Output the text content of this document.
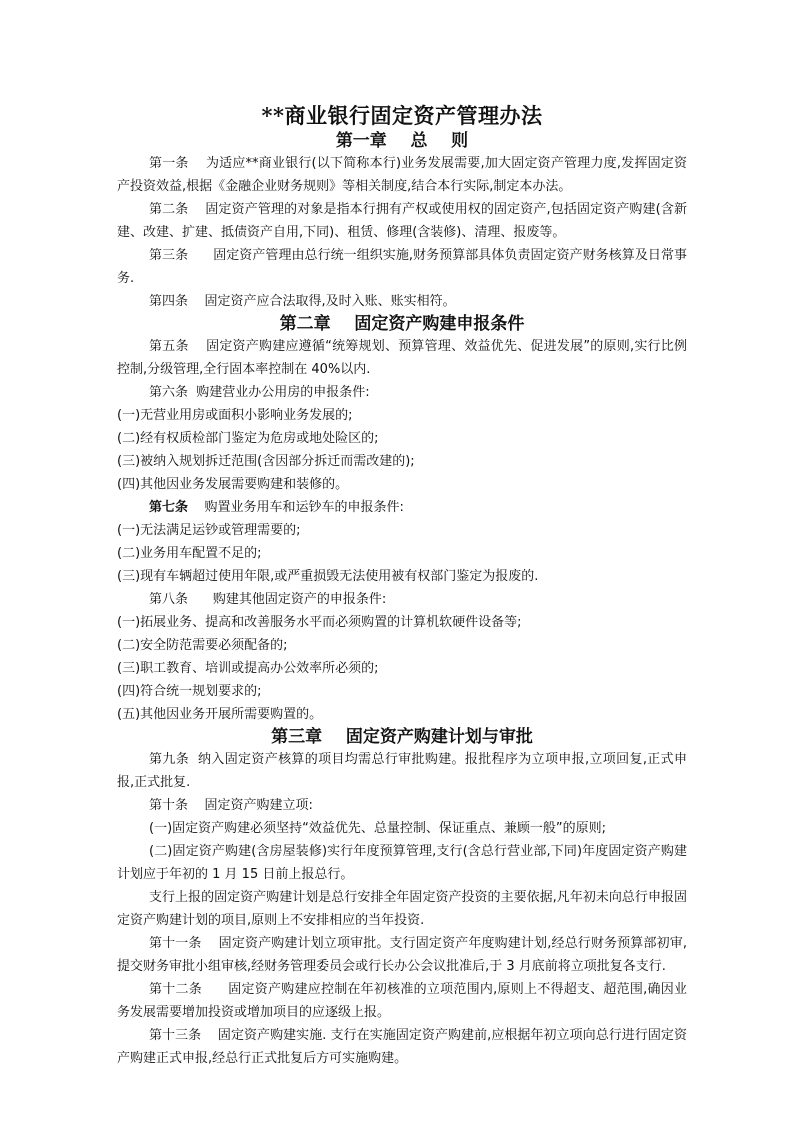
**商业银行固定资产管理办法
第一章    总    则

第一条 为适应**商业银行(以下简称本行)业务发展需要,加大固定资产管理力度,发挥固定资产投资效益,根据《金融企业财务规则》等相关制度,结合本行实际,制定本办法。

第二条 固定资产管理的对象是指本行拥有产权或使用权的固定资产,包括固定资产购建(含新建、改建、扩建、抵债资产自用,下同)、租赁、修理(含装修)、清理、报废等。

第三条 固定资产管理由总行统一组织实施,财务预算部具体负责固定资产财务核算及日常事务.

第四条 固定资产应合法取得,及时入账、账实相符。

第二章    固定资产购建申报条件

第五条 固定资产购建应遵循“统筹规划、预算管理、效益优先、促进发展”的原则,实行比例控制,分级管理,全行固本率控制在 40%以内.

第六条 购建营业办公用房的申报条件:

(一)无营业用房或面积小影响业务发展的;

(二)经有权质检部门鉴定为危房或地处险区的;

(三)被纳入规划拆迁范围(含因部分拆迁而需改建的);

(四)其他因业务发展需要购建和装修的。

第七条 购置业务用车和运钞车的申报条件:

(一)无法满足运钞或管理需要的;

(二)业务用车配置不足的;

(三)现有车辆超过使用年限,或严重损毁无法使用被有权部门鉴定为报废的.

第八条 购建其他固定资产的申报条件:

(一)拓展业务、提高和改善服务水平而必须购置的计算机软硬件设备等;

(二)安全防范需要必须配备的;

(三)职工教育、培训或提高办公效率所必须的;

(四)符合统一规划要求的;

(五)其他因业务开展所需要购置的。

第三章    固定资产购建计划与审批

第九条 纳入固定资产核算的项目均需总行审批购建。报批程序为立项申报,立项回复,正式申报,正式批复.

第十条 固定资产购建立项:

(一)固定资产购建必须坚持“效益优先、总量控制、保证重点、兼顾一般”的原则;

(二)固定资产购建(含房屋装修)实行年度预算管理,支行(含总行营业部,下同)年度固定资产购建计划应于年初的 1 月 15 日前上报总行。

支行上报的固定资产购建计划是总行安排全年固定资产投资的主要依据,凡年初未向总行申报固定资产购建计划的项目,原则上不安排相应的当年投资.

第十一条 固定资产购建计划立项审批。支行固定资产年度购建计划,经总行财务预算部初审,提交财务审批小组审核,经财务管理委员会或行长办公会议批准后,于 3 月底前将立项批复各支行.

第十二条 固定资产购建应控制在年初核准的立项范围内,原则上不得超支、超范围,确因业务发展需要增加投资或增加项目的应逐级上报。

第十三条 固定资产购建实施. 支行在实施固定资产购建前,应根据年初立项向总行进行固定资产购建正式申报,经总行正式批复后方可实施购建。
